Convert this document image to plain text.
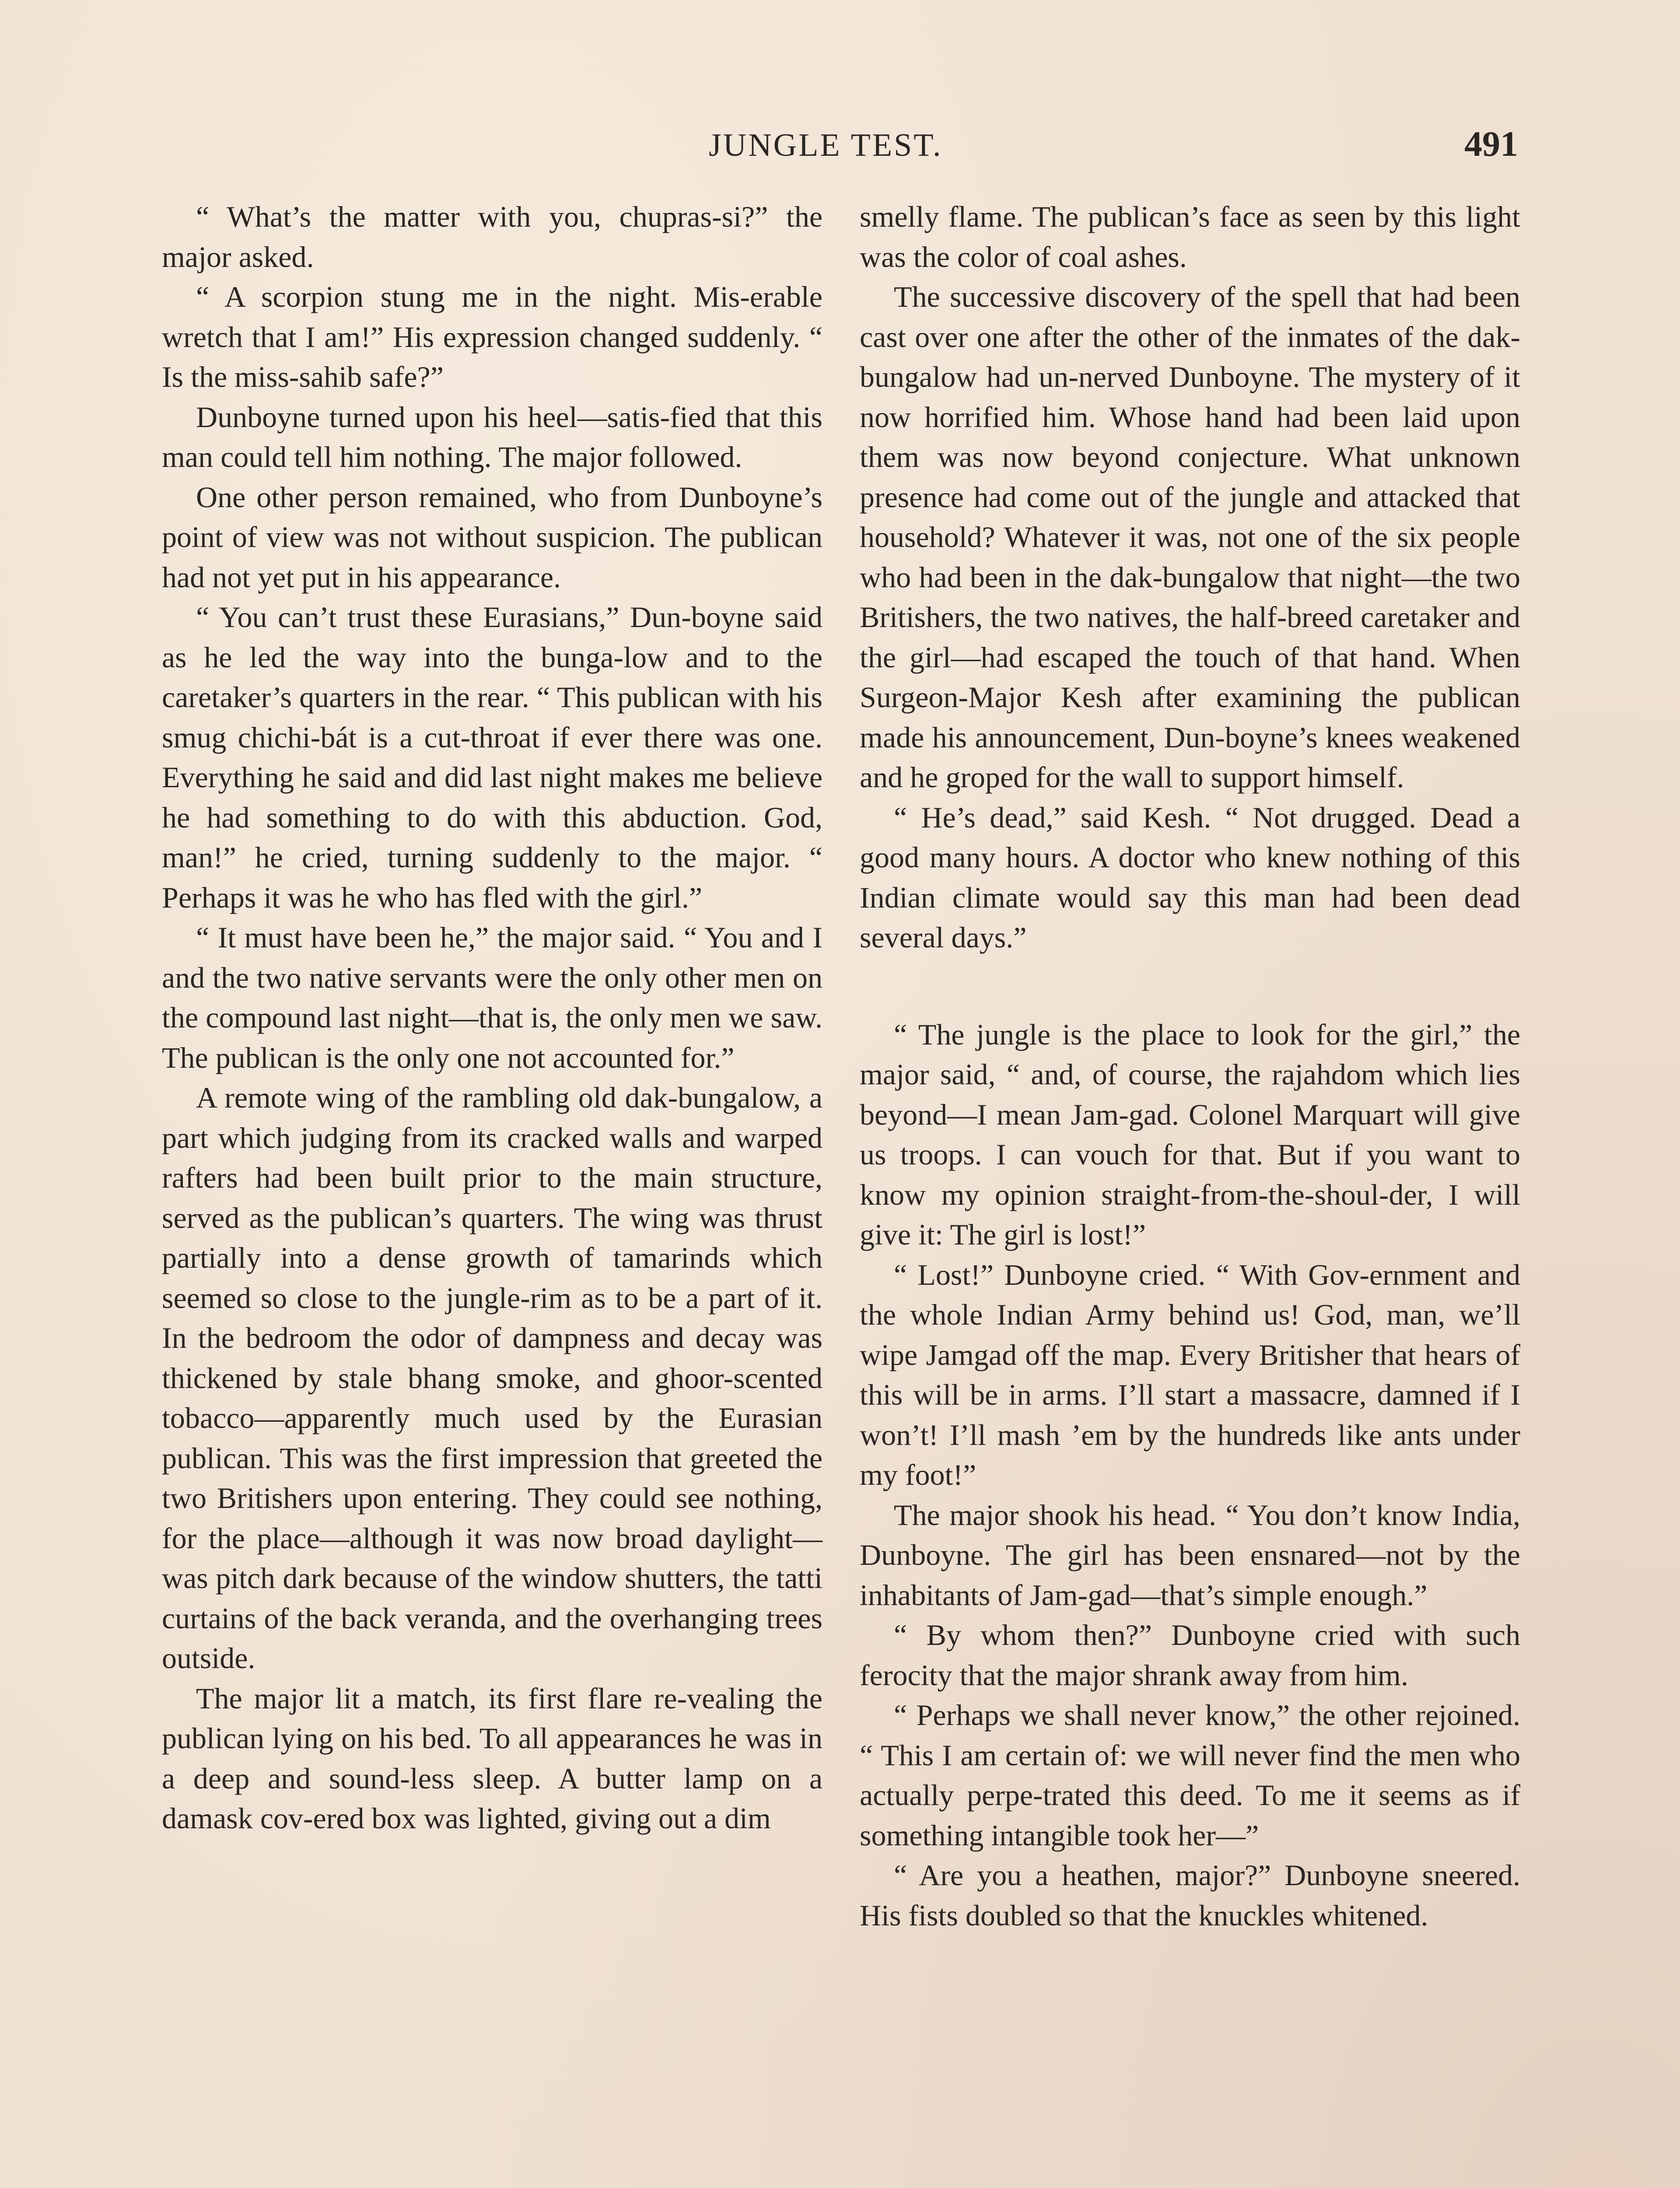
JUNGLE TEST.	491

“ What’s the matter with you, chupras-si?” the major asked.

“ A scorpion stung me in the night. Mis-erable wretch that I am!” His expression changed suddenly. “ Is the miss-sahib safe?”

Dunboyne turned upon his heel—satis-fied that this man could tell him nothing. The major followed.

One other person remained, who from Dunboyne’s point of view was not without suspicion. The publican had not yet put in his appearance.

“ You can’t trust these Eurasians,” Dun-boyne said as he led the way into the bunga-low and to the caretaker’s quarters in the rear. “ This publican with his smug chichi-bát is a cut-throat if ever there was one. Everything he said and did last night makes me believe he had something to do with this abduction. God, man!” he cried, turning suddenly to the major. “ Perhaps it was he who has fled with the girl.”

“ It must have been he,” the major said. “ You and I and the two native servants were the only other men on the compound last night—that is, the only men we saw. The publican is the only one not accounted for.”

A remote wing of the rambling old dak-bungalow, a part which judging from its cracked walls and warped rafters had been built prior to the main structure, served as the publican’s quarters. The wing was thrust partially into a dense growth of tamarinds which seemed so close to the jungle-rim as to be a part of it. In the bedroom the odor of dampness and decay was thickened by stale bhang smoke, and ghoor-scented tobacco—apparently much used by the Eurasian publican. This was the first impression that greeted the two Britishers upon entering. They could see nothing, for the place—although it was now broad daylight—was pitch dark because of the window shutters, the tatti curtains of the back veranda, and the overhanging trees outside.

The major lit a match, its first flare re-vealing the publican lying on his bed. To all appearances he was in a deep and sound-less sleep. A butter lamp on a damask cov-ered box was lighted, giving out a dim

smelly flame. The publican’s face as seen by this light was the color of coal ashes.

The successive discovery of the spell that had been cast over one after the other of the inmates of the dak-bungalow had un-nerved Dunboyne. The mystery of it now horrified him. Whose hand had been laid upon them was now beyond conjecture. What unknown presence had come out of the jungle and attacked that household? Whatever it was, not one of the six people who had been in the dak-bungalow that night—the two Britishers, the two natives, the half-breed caretaker and the girl—had escaped the touch of that hand. When Surgeon-Major Kesh after examining the publican made his announcement, Dun-boyne’s knees weakened and he groped for the wall to support himself.

“ He’s dead,” said Kesh. “ Not drugged. Dead a good many hours. A doctor who knew nothing of this Indian climate would say this man had been dead several days.”

“ The jungle is the place to look for the girl,” the major said, “ and, of course, the rajahdom which lies beyond—I mean Jam-gad. Colonel Marquart will give us troops. I can vouch for that. But if you want to know my opinion straight-from-the-shoul-der, I will give it: The girl is lost!”

“ Lost!” Dunboyne cried. “ With Gov-ernment and the whole Indian Army behind us! God, man, we’ll wipe Jamgad off the map. Every Britisher that hears of this will be in arms. I’ll start a massacre, damned if I won’t! I’ll mash ’em by the hundreds like ants under my foot!”

The major shook his head. “ You don’t know India, Dunboyne. The girl has been ensnared—not by the inhabitants of Jam-gad—that’s simple enough.”

“ By whom then?” Dunboyne cried with such ferocity that the major shrank away from him.

“ Perhaps we shall never know,” the other rejoined. “ This I am certain of: we will never find the men who actually perpe-trated this deed. To me it seems as if something intangible took her—”

“ Are you a heathen, major?” Dunboyne sneered. His fists doubled so that the knuckles whitened.
